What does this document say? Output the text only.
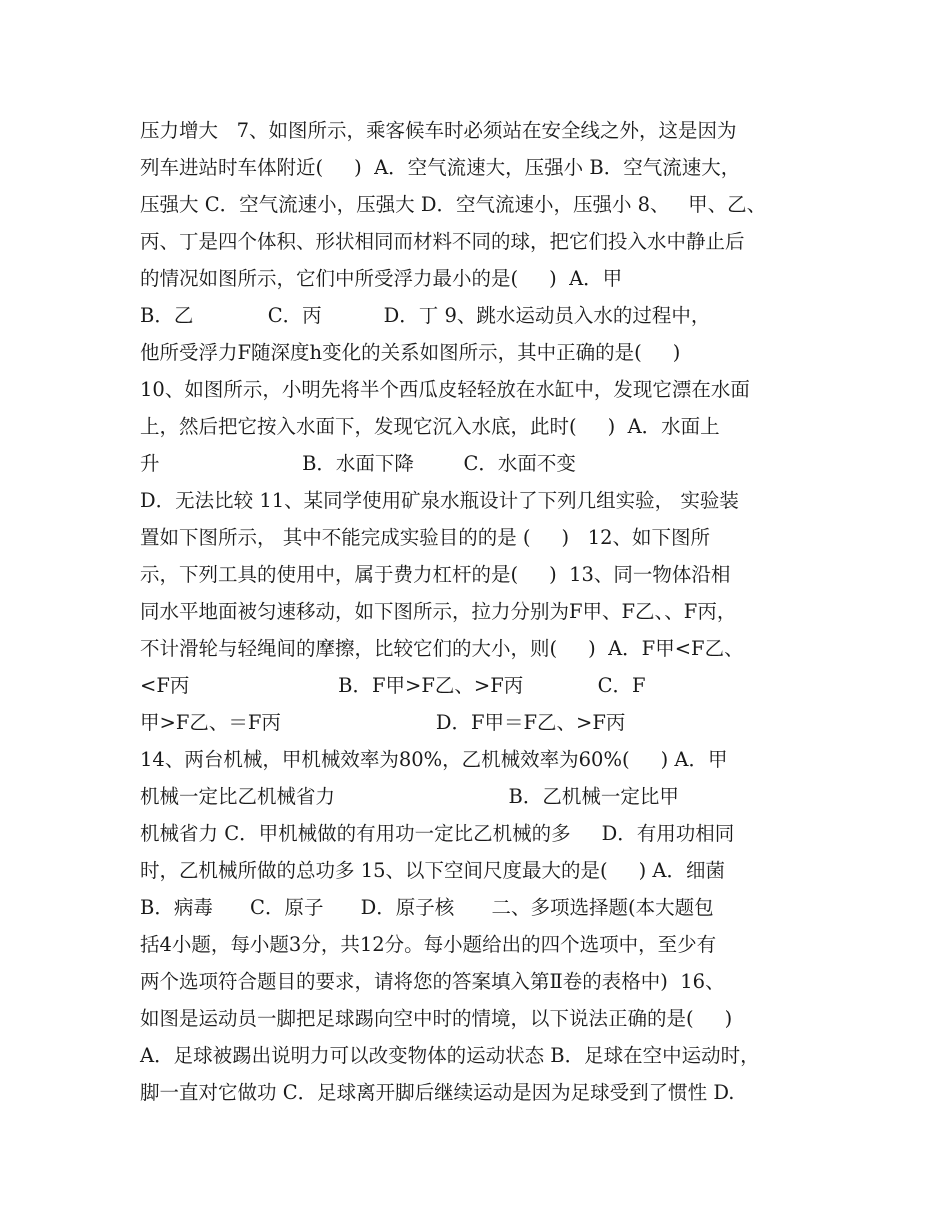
压力增大   7、如图所示，乘客候车时必须站在安全线之外，这是因为
列车进站时车体附近(     )  A．空气流速大，压强小 B．空气流速大，
压强大 C．空气流速小，压强大 D．空气流速小，压强小 8、   甲、乙、
丙、丁是四个体积、形状相同而材料不同的球，把它们投入水中静止后
的情况如图所示，它们中所受浮力最小的是(     )  A．甲
B．乙            C．丙          D．丁 9、跳水运动员入水的过程中，
他所受浮力F随深度h变化的关系如图所示，其中正确的是(     )
10、如图所示，小明先将半个西瓜皮轻轻放在水缸中，发现它漂在水面
上，然后把它按入水面下，发现它沉入水底，此时(     )  A．水面上
升                       B．水面下降        C．水面不变
D．无法比较 11、某同学使用矿泉水瓶设计了下列几组实验， 实验装
置如下图所示， 其中不能完成实验目的的是 (     )   12、如下图所
示，下列工具的使用中，属于费力杠杆的是(     )  13、同一物体沿相
同水平地面被匀速移动，如下图所示，拉力分别为F甲、F乙、、F丙，
不计滑轮与轻绳间的摩擦，比较它们的大小，则(     )  A．F甲<F乙、
<F丙                        B．F甲>F乙、>F丙            C．F
甲>F乙、＝F丙                         D．F甲＝F乙、>F丙
14、两台机械，甲机械效率为80%，乙机械效率为60%(     ) A．甲
机械一定比乙机械省力                            B．乙机械一定比甲
机械省力 C．甲机械做的有用功一定比乙机械的多     D．有用功相同
时，乙机械所做的总功多 15、以下空间尺度最大的是(     ) A．细菌
B．病毒      C．原子      D．原子核      二、多项选择题(本大题包
括4小题，每小题3分，共12分。每小题给出的四个选项中，至少有
两个选项符合题目的要求，请将您的答案填入第Ⅱ卷的表格中)  16、
如图是运动员一脚把足球踢向空中时的情境，以下说法正确的是(     )
A．足球被踢出说明力可以改变物体的运动状态 B．足球在空中运动时，
脚一直对它做功 C．足球离开脚后继续运动是因为足球受到了惯性 D.
